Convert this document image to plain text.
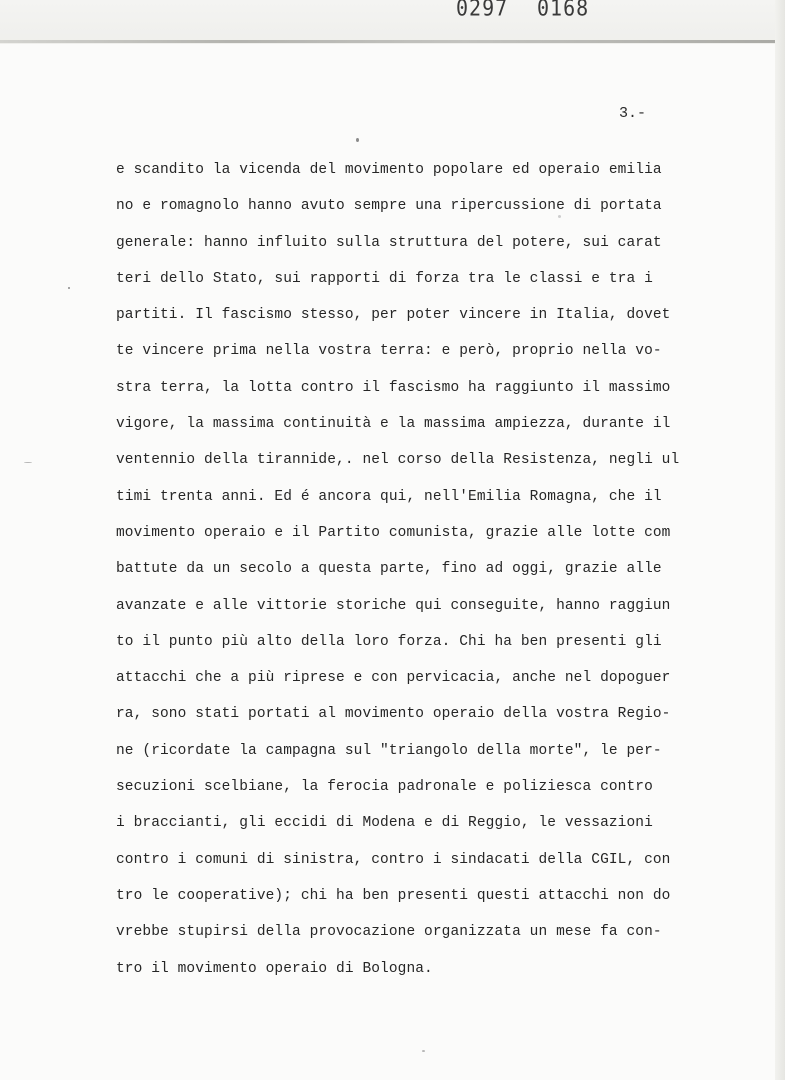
0297 0168
3.-
e scandito la vicenda del movimento popolare ed operaio emilia
no e romagnolo hanno avuto sempre una ripercussione di portata
generale: hanno influito sulla struttura del potere, sui carat
teri dello Stato, sui rapporti di forza tra le classi e tra i
partiti. Il fascismo stesso, per poter vincere in Italia, dovet
te vincere prima nella vostra terra: e però, proprio nella vo-
stra terra, la lotta contro il fascismo ha raggiunto il massimo
vigore, la massima continuità e la massima ampiezza, durante il
ventennio della tirannide,. nel corso della Resistenza, negli ul
timi trenta anni. Ed é ancora qui, nell'Emilia Romagna, che il
movimento operaio e il Partito comunista, grazie alle lotte com
battute da un secolo a questa parte, fino ad oggi, grazie alle
avanzate e alle vittorie storiche qui conseguite, hanno raggiun
to il punto più alto della loro forza. Chi ha ben presenti gli
attacchi che a più riprese e con pervicacia, anche nel dopoguer
ra, sono stati portati al movimento operaio della vostra Regio-
ne (ricordate la campagna sul "triangolo della morte", le per-
secuzioni scelbiane, la ferocia padronale e poliziesca contro
i braccianti, gli eccidi di Modena e di Reggio, le vessazioni
contro i comuni di sinistra, contro i sindacati della CGIL, con
tro le cooperative); chi ha ben presenti questi attacchi non do
vrebbe stupirsi della provocazione organizzata un mese fa con-
tro il movimento operaio di Bologna.
